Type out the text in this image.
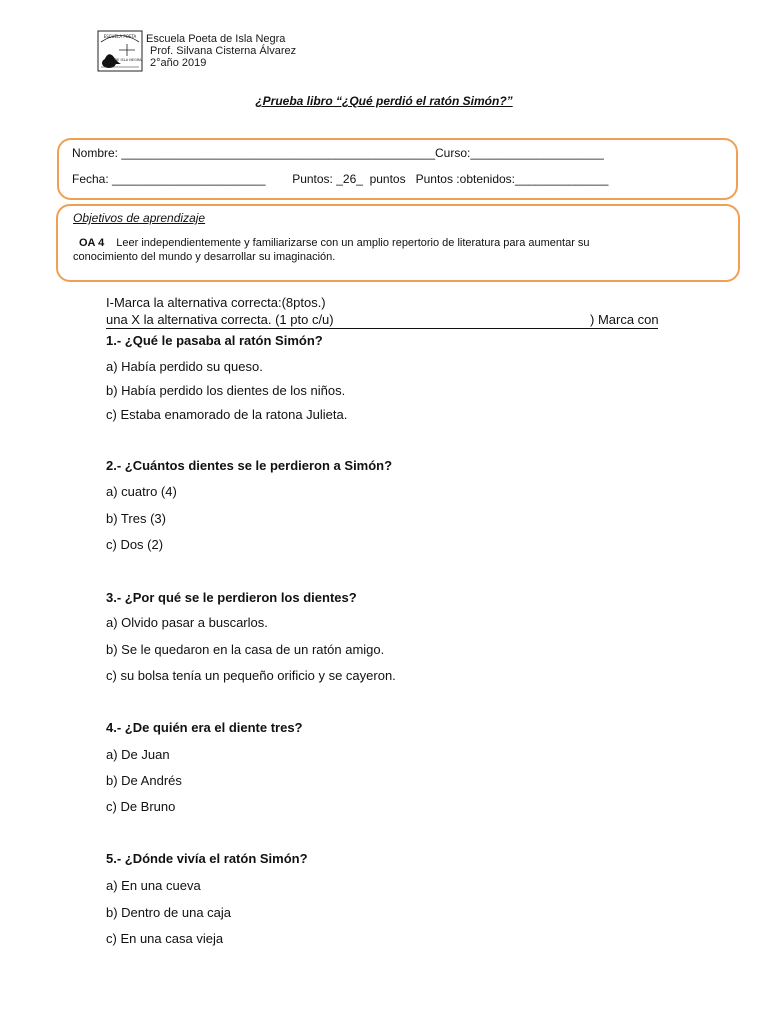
ESCUELA POETA
DE ISLA NEGRA
Escuela Poeta de Isla Negra
Prof. Silvana Cisterna Álvarez
2°año 2019
¿Prueba libro “¿Qué perdió el ratón Simón?”
Nombre: _______________________________________________Curso:____________________
Fecha: _______________________        Puntos: _26_  puntos   Puntos :obtenidos:______________
Objetivos de aprendizaje
OA 4 Leer independientemente y familiarizarse con un amplio repertorio de literatura para aumentar su
conocimiento del mundo y desarrollar su imaginación.
I-Marca la alternativa correcta:(8ptos.)
una X la alternativa correcta. (1 pto c/u)	) Marca con
1.- ¿Qué le pasaba al ratón Simón?
a) Había perdido su queso.
b) Había perdido los dientes de los niños.
c) Estaba enamorado de la ratona Julieta.
2.- ¿Cuántos dientes se le perdieron a Simón?
a) cuatro (4)
b) Tres (3)
c) Dos (2)
3.- ¿Por qué se le perdieron los dientes?
a) Olvido pasar a buscarlos.
b) Se le quedaron en la casa de un ratón amigo.
c) su bolsa tenía un pequeño orificio y se cayeron.
4.- ¿De quién era el diente tres?
a) De Juan
b) De Andrés
c) De Bruno
5.- ¿Dónde vivía el ratón Simón?
a) En una cueva
b) Dentro de una caja
c) En una casa vieja
